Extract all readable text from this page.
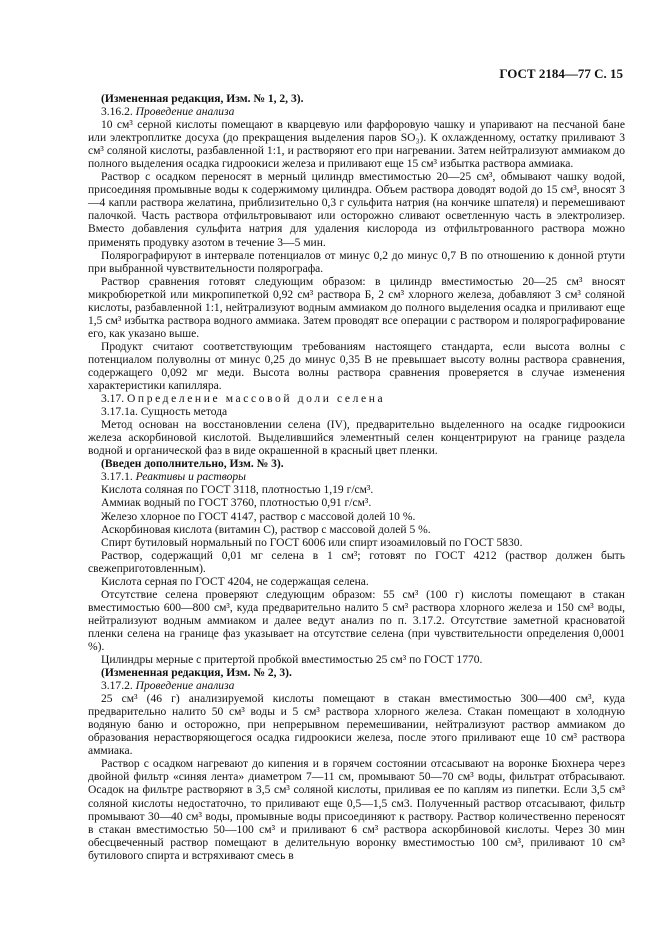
ГОСТ 2184—77 С. 15

(Измененная редакция, Изм. № 1, 2, 3).

3.16.2. Проведение анализа

10 см³ серной кислоты помещают в кварцевую или фарфоровую чашку и упаривают на песчаной бане или электроплитке досуха (до прекращения выделения паров SO₃). К охлажденному, остатку приливают 3 см³ соляной кислоты, разбавленной 1:1, и растворяют его при нагревании. Затем нейтрализуют аммиаком до полного выделения осадка гидроокиси железа и приливают еще 15 см³ избытка раствора аммиака.

Раствор с осадком переносят в мерный цилиндр вместимостью 20—25 см³, обмывают чашку водой, присоединяя промывные воды к содержимому цилиндра. Объем раствора доводят водой до 15 см³, вносят 3—4 капли раствора желатина, приблизительно 0,3 г сульфита натрия (на кончике шпателя) и перемешивают палочкой. Часть раствора отфильтровывают или осторожно сливают осветленную часть в электролизер. Вместо добавления сульфита натрия для удаления кислорода из отфильтрованного раствора можно применять продувку азотом в течение 3—5 мин.

Полярографируют в интервале потенциалов от минус 0,2 до минус 0,7 В по отношению к донной ртути при выбранной чувствительности полярографа.

Раствор сравнения готовят следующим образом: в цилиндр вместимостью 20—25 см³ вносят микробюреткой или микропипеткой 0,92 см³ раствора Б, 2 см³ хлорного железа, добавляют 3 см³ соляной кислоты, разбавленной 1:1, нейтрализуют водным аммиаком до полного выделения осадка и приливают еще 1,5 см³ избытка раствора водного аммиака. Затем проводят все операции с раствором и полярографирование его, как указано выше.

Продукт считают соответствующим требованиям настоящего стандарта, если высота волны с потенциалом полуволны от минус 0,25 до минус 0,35 В не превышает высоту волны раствора сравнения, содержащего 0,092 мг меди. Высота волны раствора сравнения проверяется в случае изменения характеристики капилляра.

3.17. Определение массовой доли селена

3.17.1а. Сущность метода

Метод основан на восстановлении селена (IV), предварительно выделенного на осадке гидроокиси железа аскорбиновой кислотой. Выделившийся элементный селен концентрируют на границе раздела водной и органической фаз в виде окрашенной в красный цвет пленки.

(Введен дополнительно, Изм. № 3).

3.17.1. Реактивы и растворы

Кислота соляная по ГОСТ 3118, плотностью 1,19 г/см³.

Аммиак водный по ГОСТ 3760, плотностью 0,91 г/см³.

Железо хлорное по ГОСТ 4147, раствор с массовой долей 10 %.

Аскорбиновая кислота (витамин С), раствор с массовой долей 5 %.

Спирт бутиловый нормальный по ГОСТ 6006 или спирт изоамиловый по ГОСТ 5830.

Раствор, содержащий 0,01 мг селена в 1 см³; готовят по ГОСТ 4212 (раствор должен быть свежеприготовленным).

Кислота серная по ГОСТ 4204, не содержащая селена.

Отсутствие селена проверяют следующим образом: 55 см³ (100 г) кислоты помещают в стакан вместимостью 600—800 см³, куда предварительно налито 5 см³ раствора хлорного железа и 150 см³ воды, нейтрализуют водным аммиаком и далее ведут анализ по п. 3.17.2. Отсутствие заметной красноватой пленки селена на границе фаз указывает на отсутствие селена (при чувствительности определения 0,0001 %).

Цилиндры мерные с притертой пробкой вместимостью 25 см³ по ГОСТ 1770.

(Измененная редакция, Изм. № 2, 3).

3.17.2. Проведение анализа

25 см³ (46 г) анализируемой кислоты помещают в стакан вместимостью 300—400 см³, куда предварительно налито 50 см³ воды и 5 см³ раствора хлорного железа. Стакан помещают в холодную водяную баню и осторожно, при непрерывном перемешивании, нейтрализуют раствор аммиаком до образования нерастворяющегося осадка гидроокиси железа, после этого приливают еще 10 см³ раствора аммиака.

Раствор с осадком нагревают до кипения и в горячем состоянии отсасывают на воронке Бюхнера через двойной фильтр «синяя лента» диаметром 7—11 см, промывают 50—70 см³ воды, фильтрат отбрасывают. Осадок на фильтре растворяют в 3,5 см³ соляной кислоты, приливая ее по каплям из пипетки. Если 3,5 см³ соляной кислоты недостаточно, то приливают еще 0,5—1,5 см3. Полученный раствор отсасывают, фильтр промывают 30—40 см³ воды, промывные воды присоединяют к раствору. Раствор количественно переносят в стакан вместимостью 50—100 см³ и приливают 6 см³ раствора аскорбиновой кислоты. Через 30 мин обесцвеченный раствор помещают в делительную воронку вместимостью 100 см³, приливают 10 см³ бутилового спирта и встряхивают смесь в
